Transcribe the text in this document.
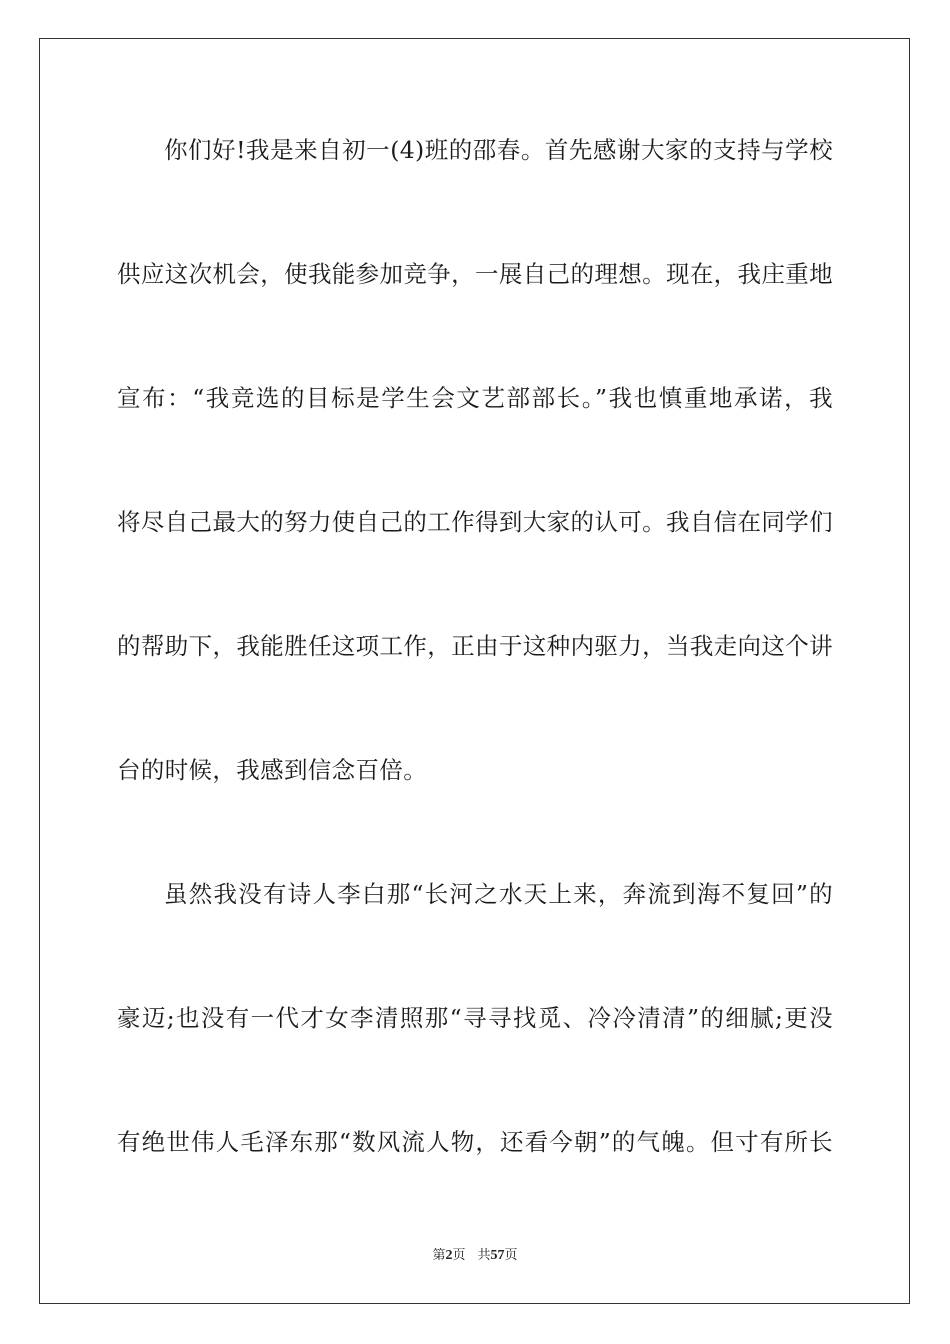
你们好!我是来自初一(4)班的邵春。首先感谢大家的支持与学校
供应这次机会，使我能参加竞争，一展自己的理想。现在，我庄重地
宣布：“我竞选的目标是学生会文艺部部长。”我也慎重地承诺，我
将尽自己最大的努力使自己的工作得到大家的认可。我自信在同学们
的帮助下，我能胜任这项工作，正由于这种内驱力，当我走向这个讲
台的时候，我感到信念百倍。
虽然我没有诗人李白那“长河之水天上来，奔流到海不复回”的
豪迈;也没有一代才女李清照那“寻寻找觅、冷冷清清”的细腻;更没
有绝世伟人毛泽东那“数风流人物，还看今朝”的气魄。但寸有所长
第2页 共57页
